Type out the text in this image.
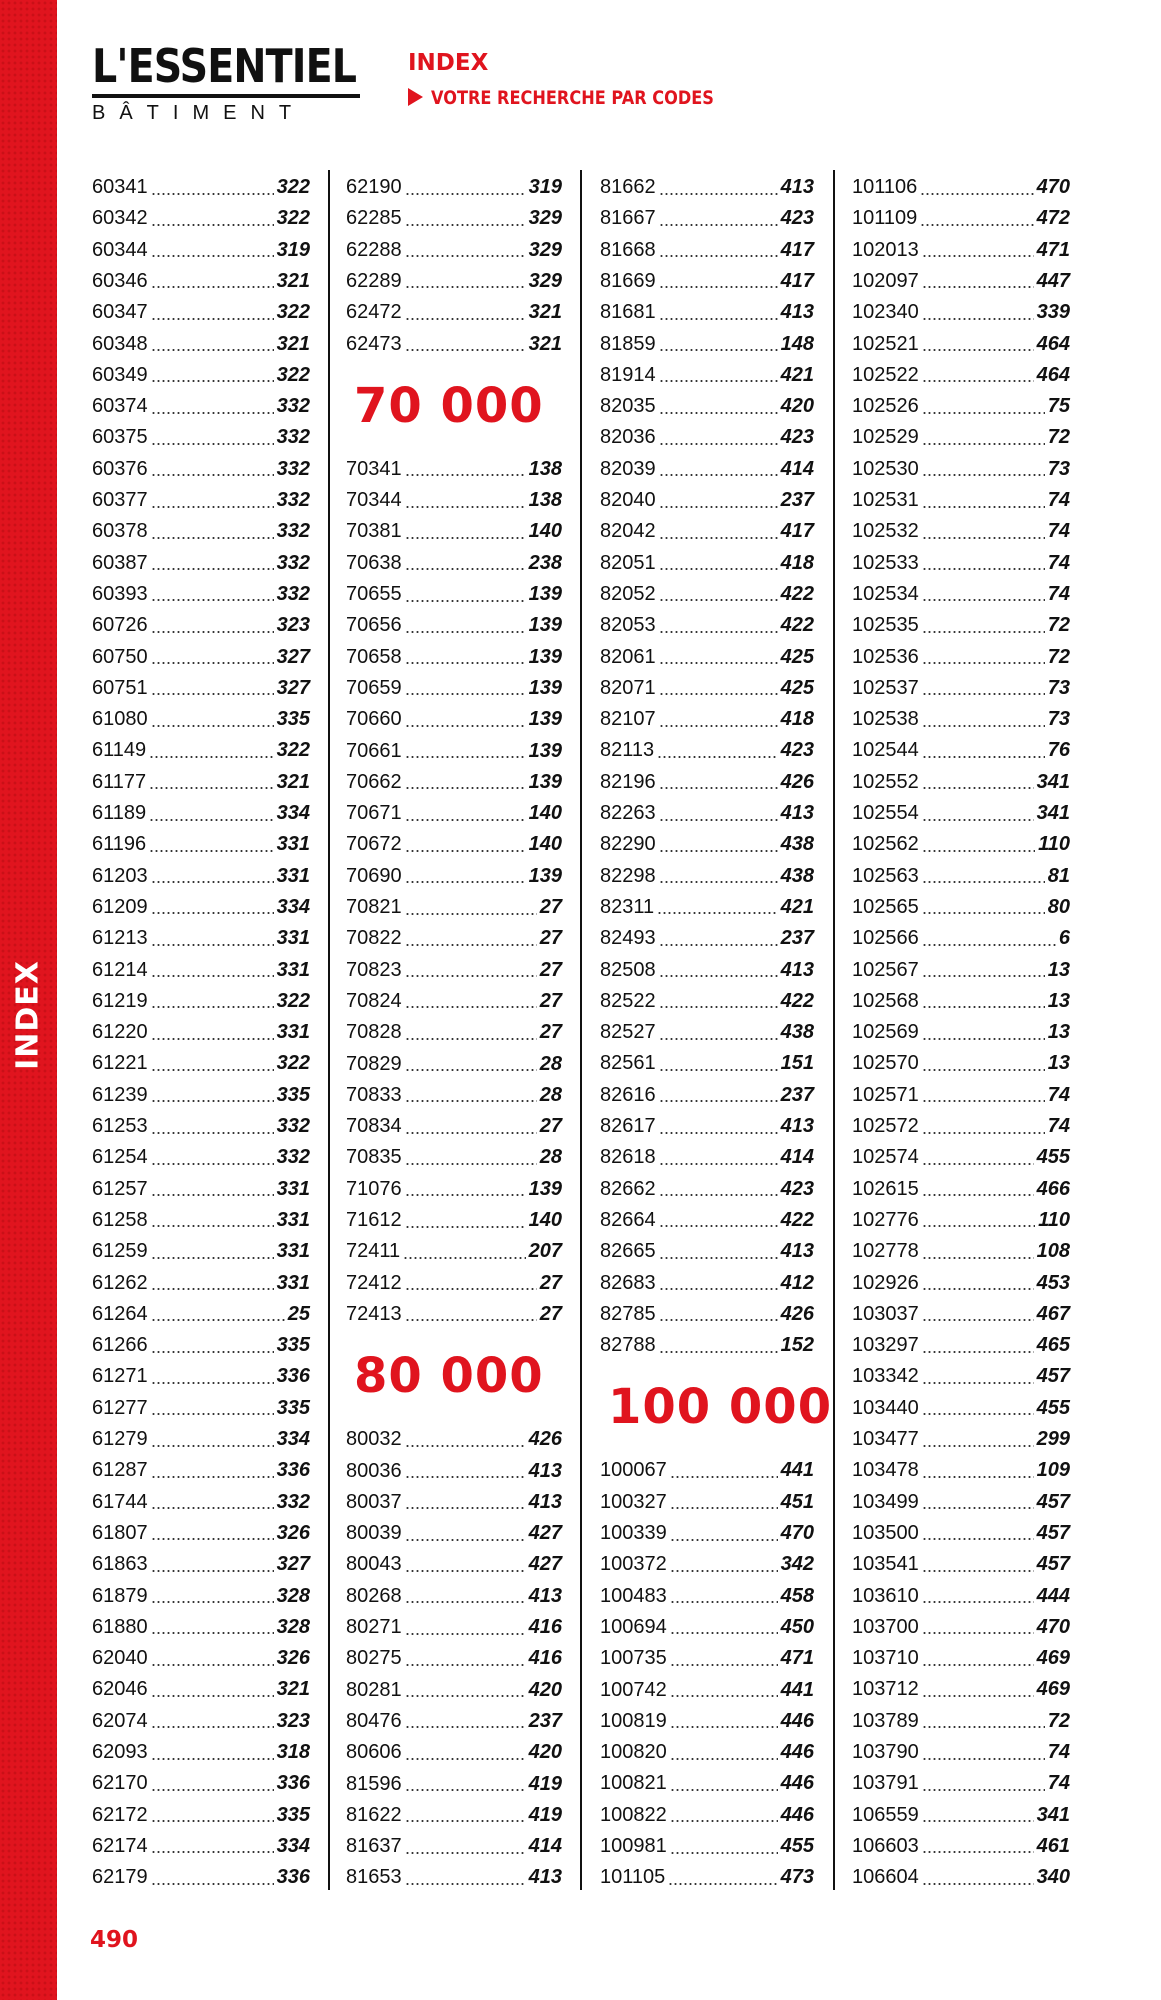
INDEX
L'ESSENTIEL
BÂTIMENT
INDEX
VOTRE RECHERCHE PAR CODES
60341	322
60342	322
60344	319
60346	321
60347	322
60348	321
60349	322
60374	332
60375	332
60376	332
60377	332
60378	332
60387	332
60393	332
60726	323
60750	327
60751	327
61080	335
61149	322
61177	321
61189	334
61196	331
61203	331
61209	334
61213	331
61214	331
61219	322
61220	331
61221	322
61239	335
61253	332
61254	332
61257	331
61258	331
61259	331
61262	331
61264	25
61266	335
61271	336
61277	335
61279	334
61287	336
61744	332
61807	326
61863	327
61879	328
61880	328
62040	326
62046	321
62074	323
62093	318
62170	336
62172	335
62174	334
62179	336
62190	319
62285	329
62288	329
62289	329
62472	321
62473	321
70 000
70341	138
70344	138
70381	140
70638	238
70655	139
70656	139
70658	139
70659	139
70660	139
70661	139
70662	139
70671	140
70672	140
70690	139
70821	27
70822	27
70823	27
70824	27
70828	27
70829	28
70833	28
70834	27
70835	28
71076	139
71612	140
72411	207
72412	27
72413	27
80 000
80032	426
80036	413
80037	413
80039	427
80043	427
80268	413
80271	416
80275	416
80281	420
80476	237
80606	420
81596	419
81622	419
81637	414
81653	413
81662	413
81667	423
81668	417
81669	417
81681	413
81859	148
81914	421
82035	420
82036	423
82039	414
82040	237
82042	417
82051	418
82052	422
82053	422
82061	425
82071	425
82107	418
82113	423
82196	426
82263	413
82290	438
82298	438
82311	421
82493	237
82508	413
82522	422
82527	438
82561	151
82616	237
82617	413
82618	414
82662	423
82664	422
82665	413
82683	412
82785	426
82788	152
100 000
100067	441
100327	451
100339	470
100372	342
100483	458
100694	450
100735	471
100742	441
100819	446
100820	446
100821	446
100822	446
100981	455
101105	473
101106	470
101109	472
102013	471
102097	447
102340	339
102521	464
102522	464
102526	75
102529	72
102530	73
102531	74
102532	74
102533	74
102534	74
102535	72
102536	72
102537	73
102538	73
102544	76
102552	341
102554	341
102562	110
102563	81
102565	80
102566	6
102567	13
102568	13
102569	13
102570	13
102571	74
102572	74
102574	455
102615	466
102776	110
102778	108
102926	453
103037	467
103297	465
103342	457
103440	455
103477	299
103478	109
103499	457
103500	457
103541	457
103610	444
103700	470
103710	469
103712	469
103789	72
103790	74
103791	74
106559	341
106603	461
106604	340
490
